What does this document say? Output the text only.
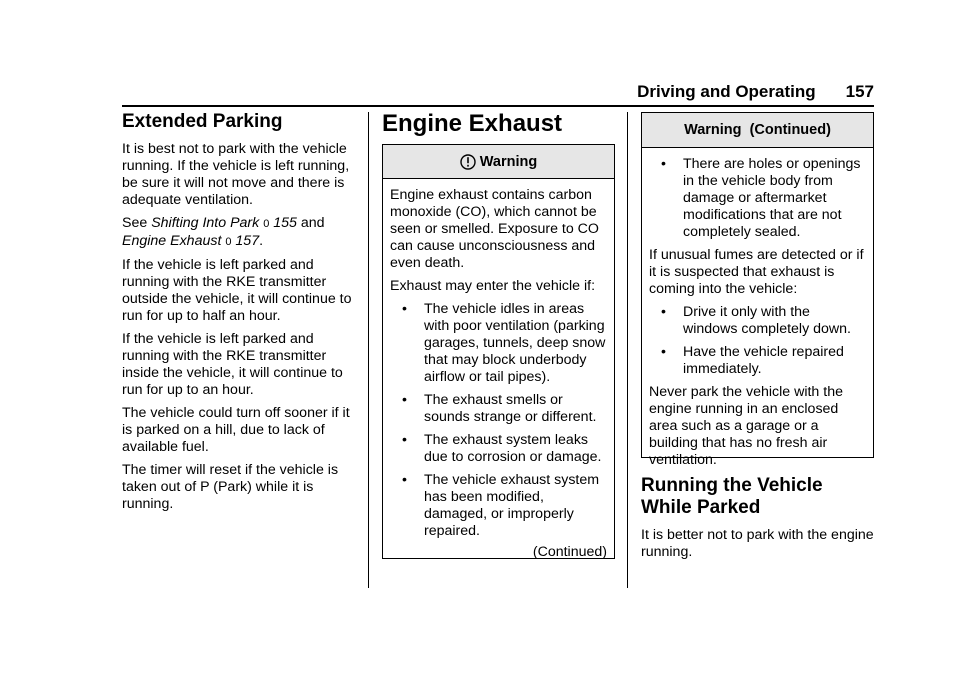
Driving and Operating 157
Extended Parking

It is best not to park with the vehicle running. If the vehicle is left running, be sure it will not move and there is adequate ventilation.

See Shifting Into Park 0 155 and
Engine Exhaust 0 157.

If the vehicle is left parked and running with the RKE transmitter outside the vehicle, it will continue to run for up to half an hour.

If the vehicle is left parked and running with the RKE transmitter inside the vehicle, it will continue to run for up to an hour.

The vehicle could turn off sooner if it is parked on a hill, due to lack of available fuel.

The timer will reset if the vehicle is taken out of P (Park) while it is running.

Engine Exhaust
Warning

Engine exhaust contains carbon monoxide (CO), which cannot be seen or smelled. Exposure to CO can cause unconsciousness and even death.

Exhaust may enter the vehicle if:

• The vehicle idles in areas with poor ventilation (parking garages, tunnels, deep snow that may block underbody airflow or tail pipes).
• The exhaust smells or sounds strange or different.
• The exhaust system leaks due to corrosion or damage.
• The vehicle exhaust system has been modified, damaged, or improperly repaired.
(Continued)
Warning  (Continued)
• There are holes or openings in the vehicle body from damage or aftermarket modifications that are not completely sealed.

If unusual fumes are detected or if it is suspected that exhaust is coming into the vehicle:

• Drive it only with the windows completely down.
• Have the vehicle repaired immediately.

Never park the vehicle with the engine running in an enclosed area such as a garage or a building that has no fresh air ventilation.

Running the Vehicle
While Parked

It is better not to park with the engine running.
